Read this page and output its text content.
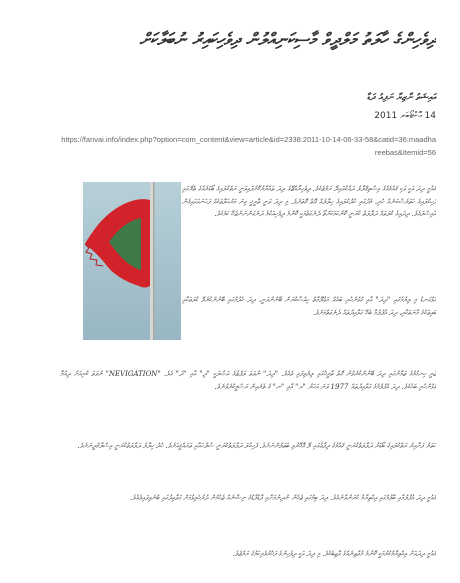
ދިވެހިންގެ ހާލަތު މަލްދީވް މާސިކަނިއްލުން ދިވެހިކައިރު ނުބަލާކަށް
އައިޝަތު ނާޒިޔާ ނަފިއު ދަޑާ
14 އޮކްޓޯބަރ 2011
https://fanvai.info/index.php?option=com_content&view=article&id=2338:2011-10-14-06-33-58&catid=36:maadhareebas&Itemid=56
ޤައުމީ ދިދަ އަކީ ވަކި ޤައުމެއްގެ އިސްތިޤްލާލު ދައްކުވައިދޭ ރަމްޒެކެވެ. ދިވެހިރާއްޖޭގެ ދިދަ ތައްޔާރުކޮށްފައިވަނީ ރަތްކުލައިގެ ބޯޑަރެއްގެ ތެރޭގައި ފެހިކުލައިގެ ހަތަރެސްކަނެއް ހުރި، މެދުގައި ހުދުކުލައިގެ ހިލާލެއް އޮތް ގޮތަށެވެ. މި ދިދަ ވަނީ ތާރީޚީ ގިނަ މަރުޙަލާތަކެއް ފަހަނައަޅައިގެން އައިސްފައެވެ. ދިދައިގެ ކުލަތައް ދަލާލަތު ކުރަނީ ކޮންކަމަކަށްތޯ ދެނެގަތުމަކީ ކޮންމެ ދިވެހިއަކުމެ ދަނެގަންނަންޖެހޭ ކަމެކެވެ.
އަޅުގަނޑު މި ލިޔުމުގައި "ދިދަ" އާއި ގުޅުންހުރި ބައެއް މަޢުލޫމާތު ހިއްސާކުރަން ބޭނުންވަނީ، ދިދަ ހެދުމުގައި ބޭނުންކުރެވޭ ކުލަތަކާއި ބައިތަކުގެ މާނަތަކާއި، ދިދަ އުފުލުމާ ބެހޭ ގަވާއިދުތައް ދެނެގަތުމަށެވެ.
ޖަރީ ހިނގުމުގެ ޒަމާނުގައި ދިދަ ބޭނުންކުރެވުނު ގޮތް ތާރީޚުގައި ލިޔެވިފައި ވެއެވެ. "ދިދަ" ނުވަތަ ލަފްޒުގެ އަޞްލަކީ "ދި" އާއި "ދަ" އެވެ. "NEVIGATION" ނުވަތަ ކުރިއަށް ދިއުމާ ގުޅުންހުރި ބަހެކެވެ. ދިދަ އުފުލުމުގެ ގަވާއިދުތައް 1977 ވަނަ އަހަރު "ރ" އާއި "ނ" ގެ ތެރެއިން ރަސްމީކުރެވުނެވެ.
ހަތަރު ފަށާއިރު ރަތްކުލައިގެ ބޯޑަރު ދަލާލަތުކުރަނީ ޤައުމުގެ ދިފާޢުގައި ލޭ އޮހޮރުވި ބަޠަލުންނަށެވެ. ފެހިކުލަ ދަލާލަތުކުރަނީ ސުލްހައާއި ތަރައްޤީއަށެވެ. ހުދު ހިލާލު ދަލާލަތުކުރަނީ އިސްލާމްދީނަށެވެ.
ޤައުމީ ދިދަ އުފުލުމާއި ބާލުމުގައި އިޙްތިރާމު ކުރަންވާނެއެވެ. ދިދަ ބިމުގައި ޖެހެން ނުދިނުމަށާއި ފާޑުފާޑުގެ ނިޝާނެއް ޖެހުމުން ދުރުހެލިވުމަށް ގަވާއިދުގައި ބުނެވިފައިވެއެވެ.
ޤައުމީ ދިދައަށް އިޙްތިރާމުކުރުމަކީ ކޮންމެ މުވާޠިނެއްގެ ވާޖިބެކެވެ. މި ދިދަ އަކީ ދިވެހިންގެ ފަޚުރުވެރިކަމުގެ ރަމްޒެވެ.
